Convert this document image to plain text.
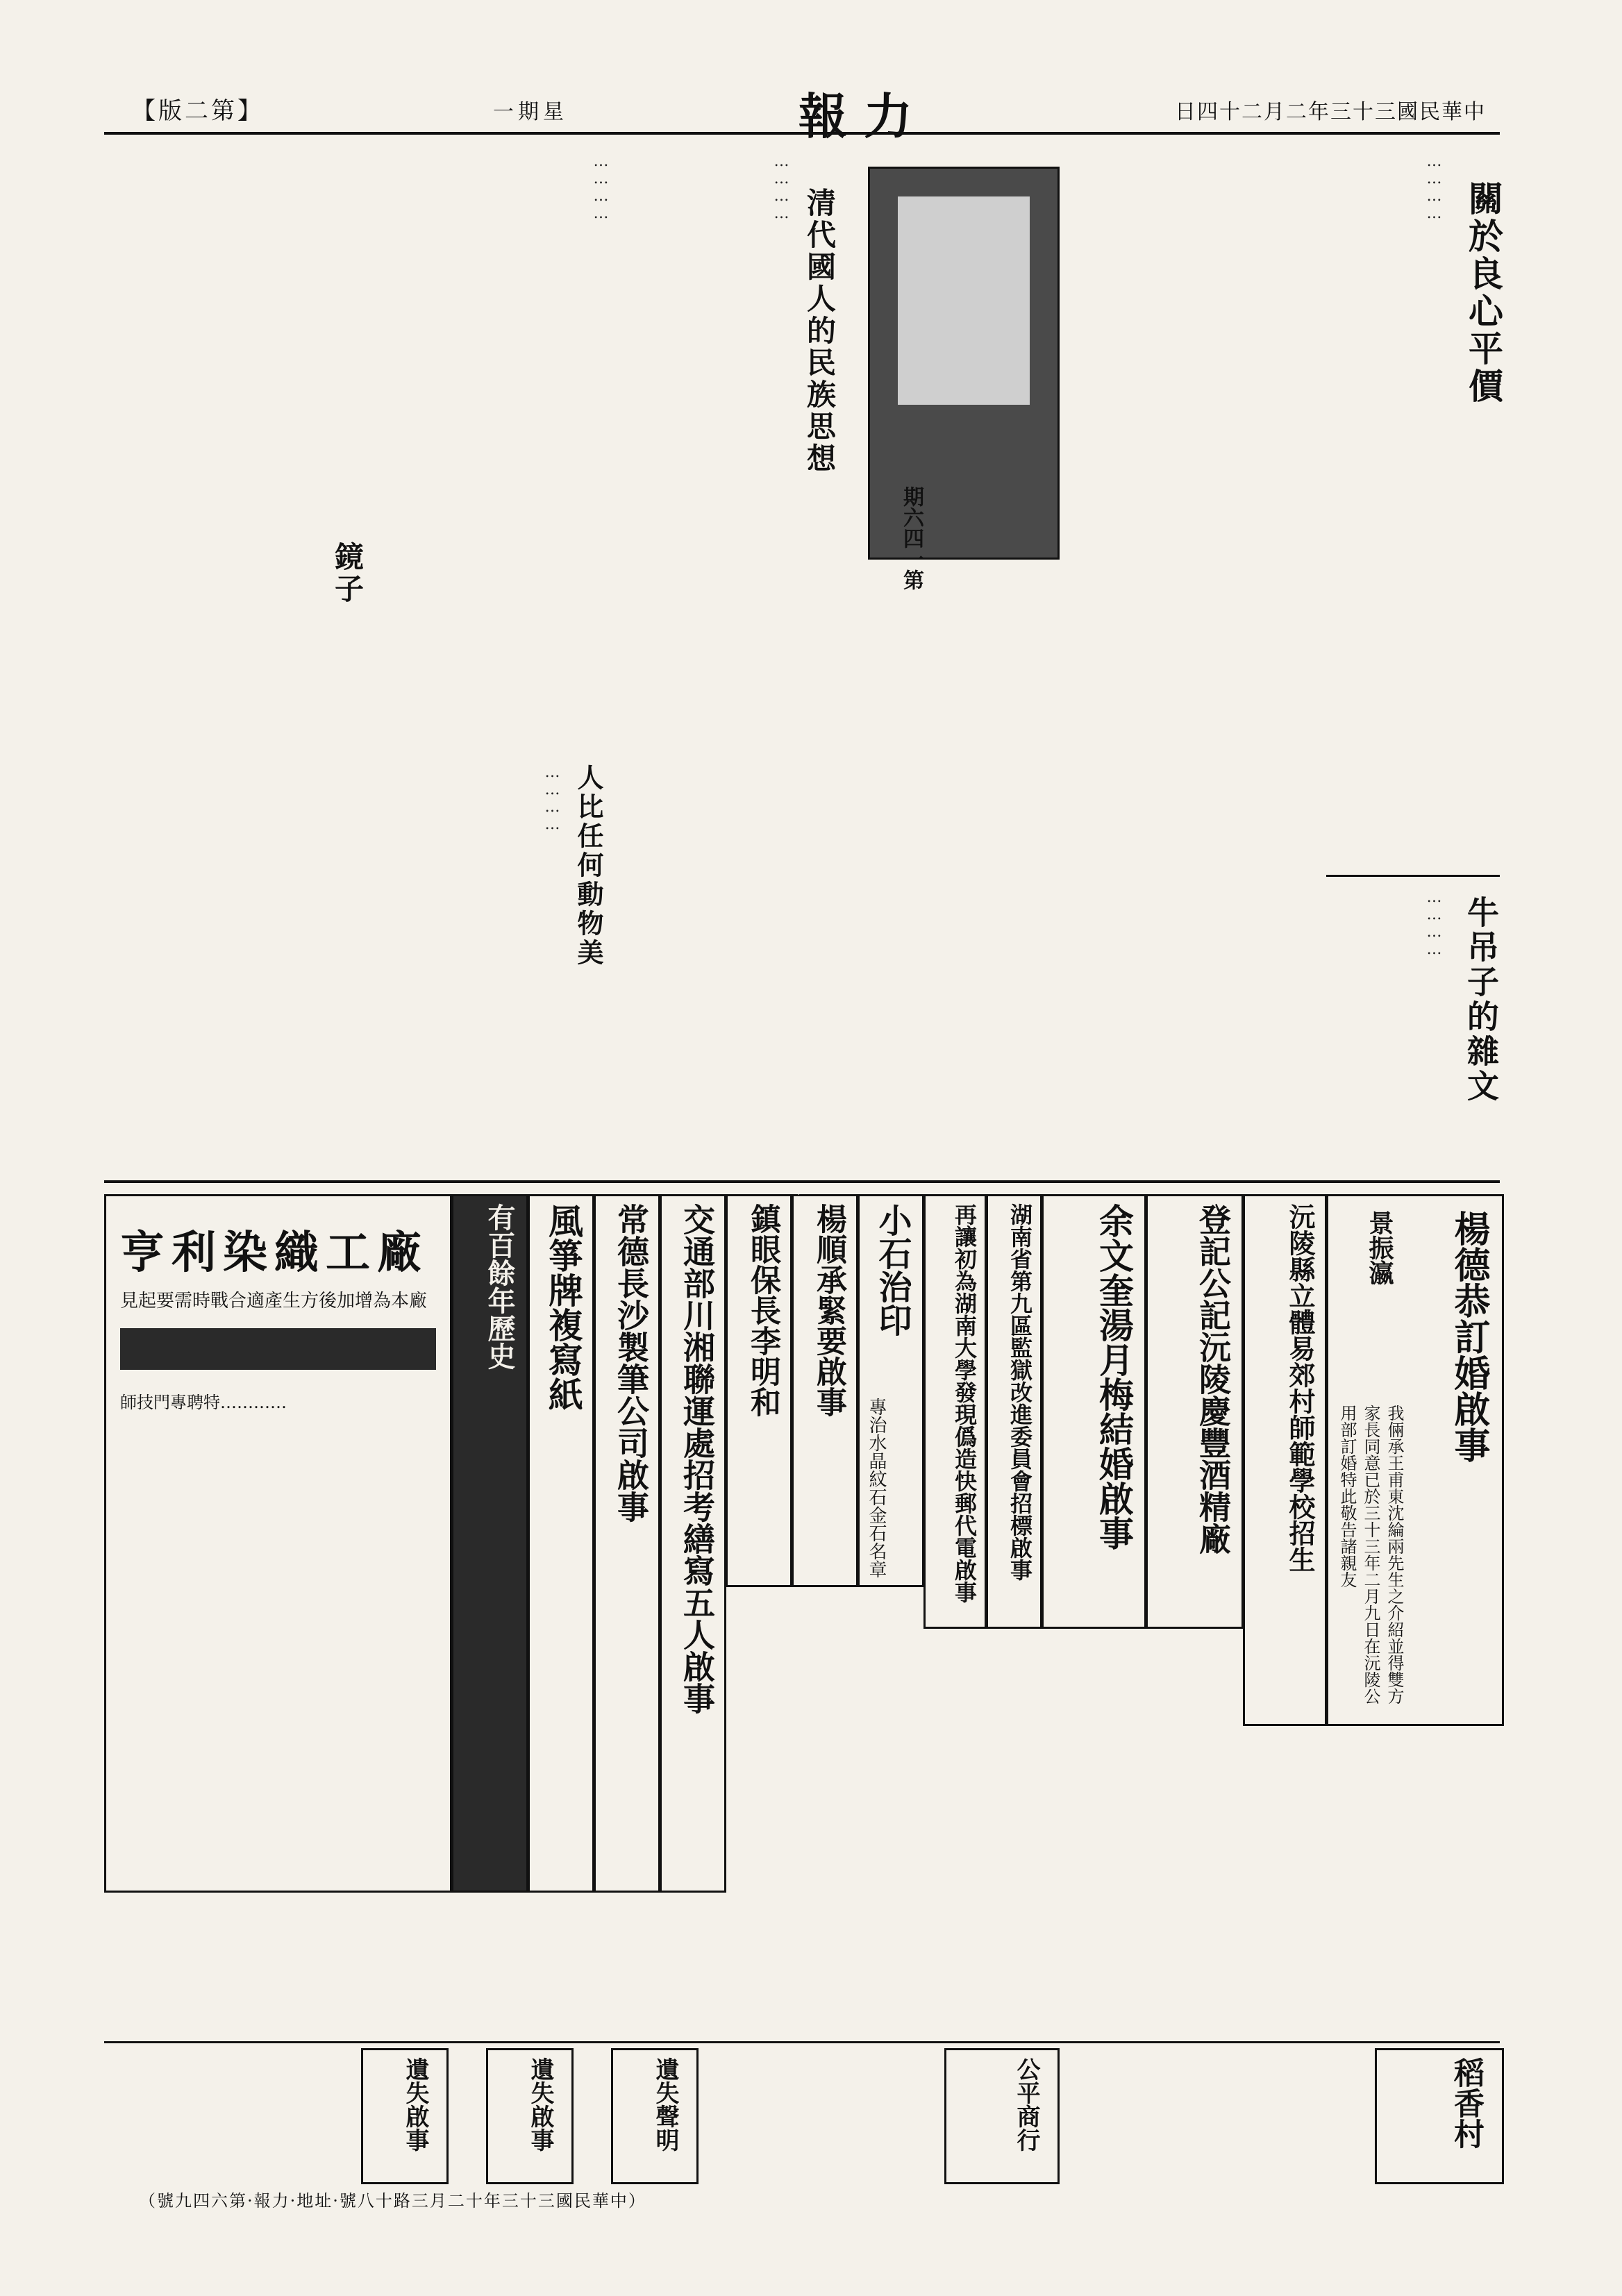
【版二第】	一期星	報力	日四十二月二年三十三國民華中
關於良心平價
…………
期六四一第
清代國人的民族思想
…………
牛吊子的雜文
…………
鏡子
…………
人比任何動物美
…………
楊德恭訂婚啟事
景振瀛
我倆承王甫東沈綸兩先生之介紹並得雙方家長同意已於三十三年二月九日在沅陵公用部訂婚特此敬告諸親友
沅陵縣立體易郊村師範學校招生
登記公記沅陵慶豐酒精廠
余文奎湯月梅結婚啟事
湖南省第九區監獄改進委員會招標啟事
再讓初為湖南大學發現僞造快郵代電啟事
小石治印
專治水晶紋石金石名章
楊順承緊要啟事
鎮眼保長李明和
交通部川湘聯運處招考繕寫五人啟事
常德長沙製筆公司啟事
風箏牌複寫紙
有百餘年歷史
亨利染織工廠
見起要需時戰合適產生方後加增為本廠
師技門專聘特…………
稻香村
公平商行
遺失聲明
遺失啟事
遺失啟事
（號九四六第·報力·地址·號八十路三月二十年三十三國民華中）
